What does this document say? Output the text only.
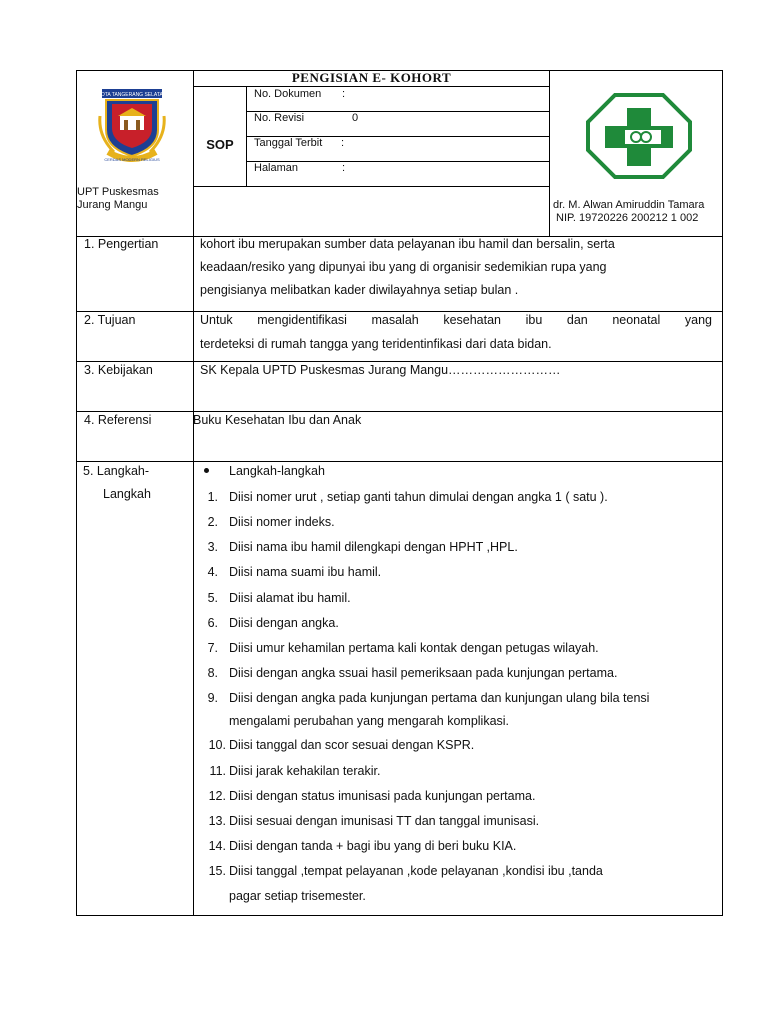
KOTA TANGERANG SELATAN
CERDAS MODERN RELIGIUS
PENGISIAN E- KOHORT
SOP
No. Dokumen :
No. Revisi	0
Tanggal Terbit :
Halaman	:
UPT Puskesmas
Jurang Mangu	dr. M. Alwan Amiruddin Tamara
NIP. 19720226 200212 1 002
1. Pengertian	kohort ibu merupakan sumber data pelayanan ibu hamil dan bersalin, serta
keadaan/resiko yang dipunyai ibu yang di organisir sedemikian rupa yang
pengisianya melibatkan kader diwilayahnya setiap bulan .
2. Tujuan	Untuk mengidentifikasi masalah kesehatan ibu dan neonatal yang
terdeteksi di rumah tangga yang teridentinfikasi dari data bidan.
3. Kebijakan	SK Kepala UPTD Puskesmas Jurang Mangu………………………
4. Referensi	Buku Kesehatan Ibu dan Anak
5. Langkah-
Langkah
Langkah-langkah
1. Diisi nomer urut , setiap ganti tahun dimulai dengan angka 1 ( satu ).
2. Diisi nomer indeks.
3. Diisi nama ibu hamil dilengkapi dengan HPHT ,HPL.
4. Diisi nama suami ibu hamil.
5. Diisi alamat ibu hamil.
6. Diisi dengan angka.
7. Diisi umur kehamilan pertama kali kontak dengan petugas wilayah.
8. Diisi dengan angka ssuai hasil pemeriksaan pada kunjungan pertama.
9. Diisi dengan angka pada kunjungan pertama dan kunjungan ulang bila tensi
mengalami perubahan yang mengarah komplikasi.
10. Diisi tanggal dan scor sesuai dengan KSPR.
11. Diisi jarak kehakilan terakir.
12. Diisi dengan status imunisasi pada kunjungan pertama.
13. Diisi sesuai dengan imunisasi TT dan tanggal imunisasi.
14. Diisi dengan tanda + bagi ibu yang di beri buku KIA.
15. Diisi tanggal ,tempat pelayanan ,kode pelayanan ,kondisi ibu ,tanda
pagar setiap trisemester.
